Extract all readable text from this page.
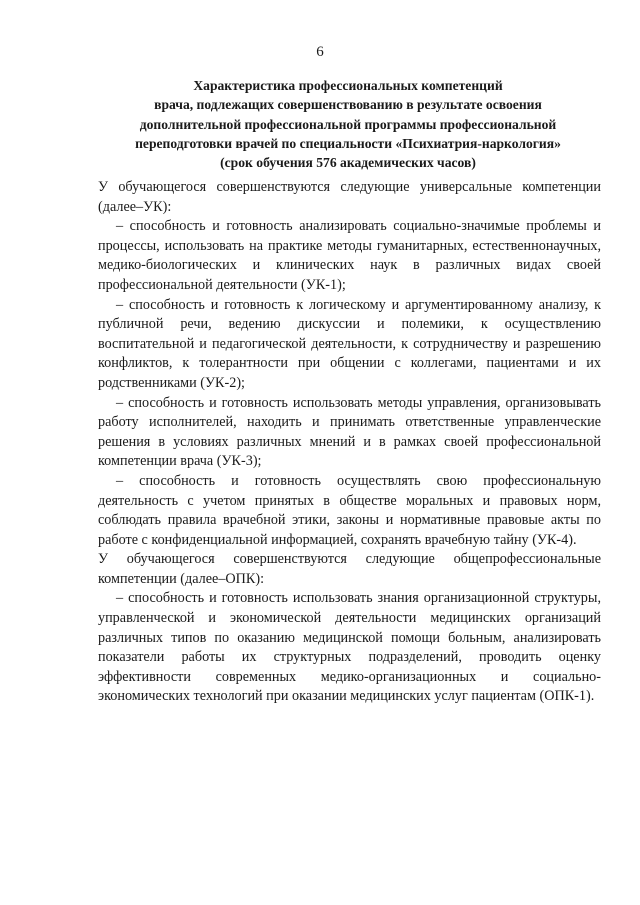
6
Характеристика профессиональных компетенций
врача, подлежащих совершенствованию в результате освоения
дополнительной профессиональной программы профессиональной
переподготовки врачей по специальности «Психиатрия-наркология»
(срок обучения 576 академических часов)

У обучающегося совершенствуются следующие универсальные компетенции (далее–УК):

– способность и готовность анализировать социально-значимые проблемы и процессы, использовать на практике методы гуманитарных, естественнонаучных, медико-биологических и клинических наук в различных видах своей профессиональной деятельности (УК-1);

– способность и готовность к логическому и аргументированному анализу, к публичной речи, ведению дискуссии и полемики, к осуществлению воспитательной и педагогической деятельности, к сотрудничеству и разрешению конфликтов, к толерантности при общении с коллегами, пациентами и их родственниками (УК-2);

– способность и готовность использовать методы управления, организовывать работу исполнителей, находить и принимать ответственные управленческие решения в условиях различных мнений и в рамках своей профессиональной компетенции врача (УК-3);

– способность и готовность осуществлять свою профессиональную деятельность с учетом принятых в обществе моральных и правовых норм, соблюдать правила врачебной этики, законы и нормативные правовые акты по работе с конфиденциальной информацией, сохранять врачебную тайну (УК-4).

У обучающегося совершенствуются следующие общепрофессиональные компетенции (далее–ОПК):

– способность и готовность использовать знания организационной структуры, управленческой и экономической деятельности медицинских организаций различных типов по оказанию медицинской помощи больным, анализировать показатели работы их структурных подразделений, проводить оценку эффективности современных медико-организационных и социально-экономических технологий при оказании медицинских услуг пациентам (ОПК-1).
